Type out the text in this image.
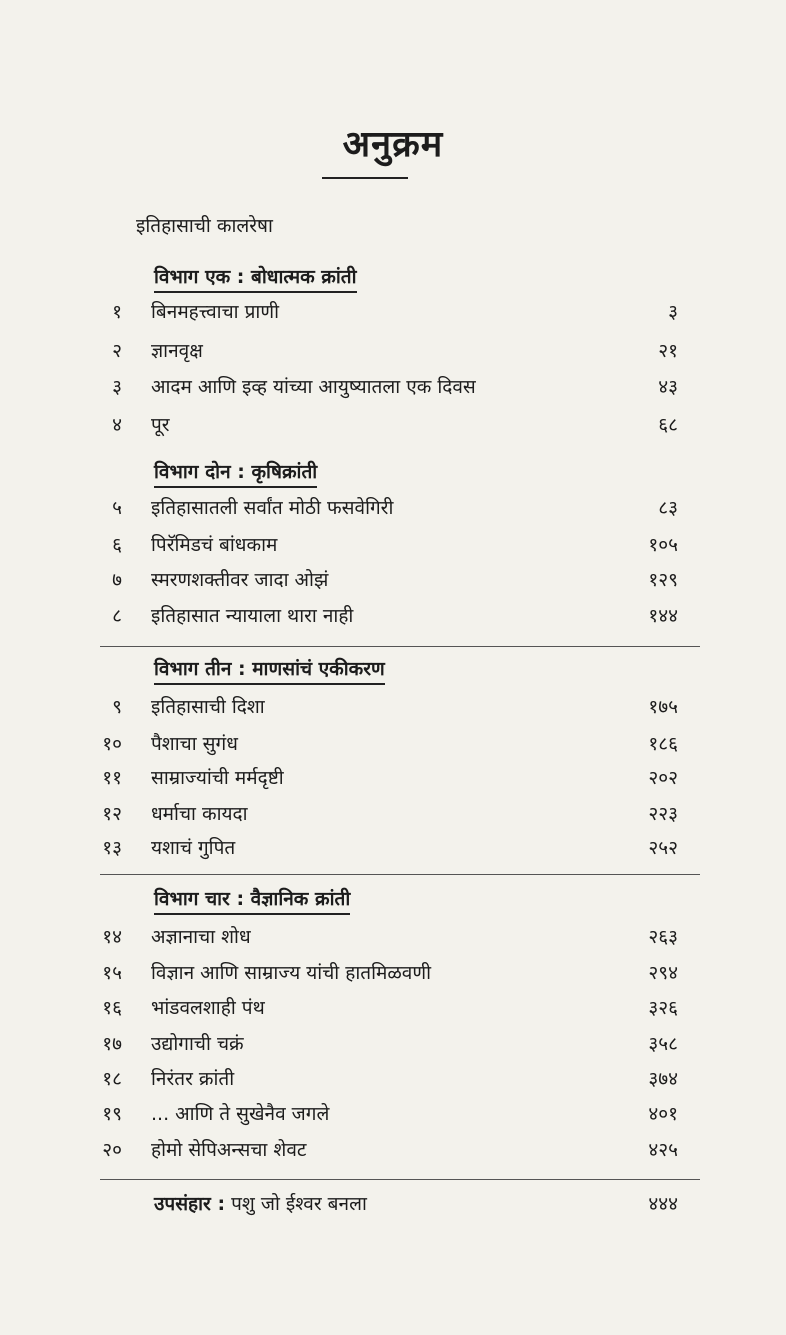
अनुक्रम
इतिहासाची कालरेषा
विभाग एक : बोधात्मक क्रांती
१ बिनमहत्त्वाचा प्राणी	३
२ ज्ञानवृक्ष	२१
३ आदम आणि इव्ह यांच्या आयुष्यातला एक दिवस	४३
४ पूर	६८
विभाग दोन : कृषिक्रांती
५ इतिहासातली सर्वांत मोठी फसवेगिरी	८३
६ पिरॅमिडचं बांधकाम	१०५
७ स्मरणशक्तीवर जादा ओझं	१२९
८ इतिहासात न्यायाला थारा नाही	१४४
विभाग तीन : माणसांचं एकीकरण
९ इतिहासाची दिशा	१७५
१० पैशाचा सुगंध	१८६
११ साम्राज्यांची मर्मदृष्टी	२०२
१२ धर्माचा कायदा	२२३
१३ यशाचं गुपित	२५२
विभाग चार : वैज्ञानिक क्रांती
१४ अज्ञानाचा शोध	२६३
१५ विज्ञान आणि साम्राज्य यांची हातमिळवणी	२९४
१६ भांडवलशाही पंथ	३२६
१७ उद्योगाची चक्रं	३५८
१८ निरंतर क्रांती	३७४
१९ ... आणि ते सुखेनैव जगले	४०१
२० होमो सेपिअन्सचा शेवट	४२५
उपसंहार : पशु जो ईश्वर बनला	४४४
